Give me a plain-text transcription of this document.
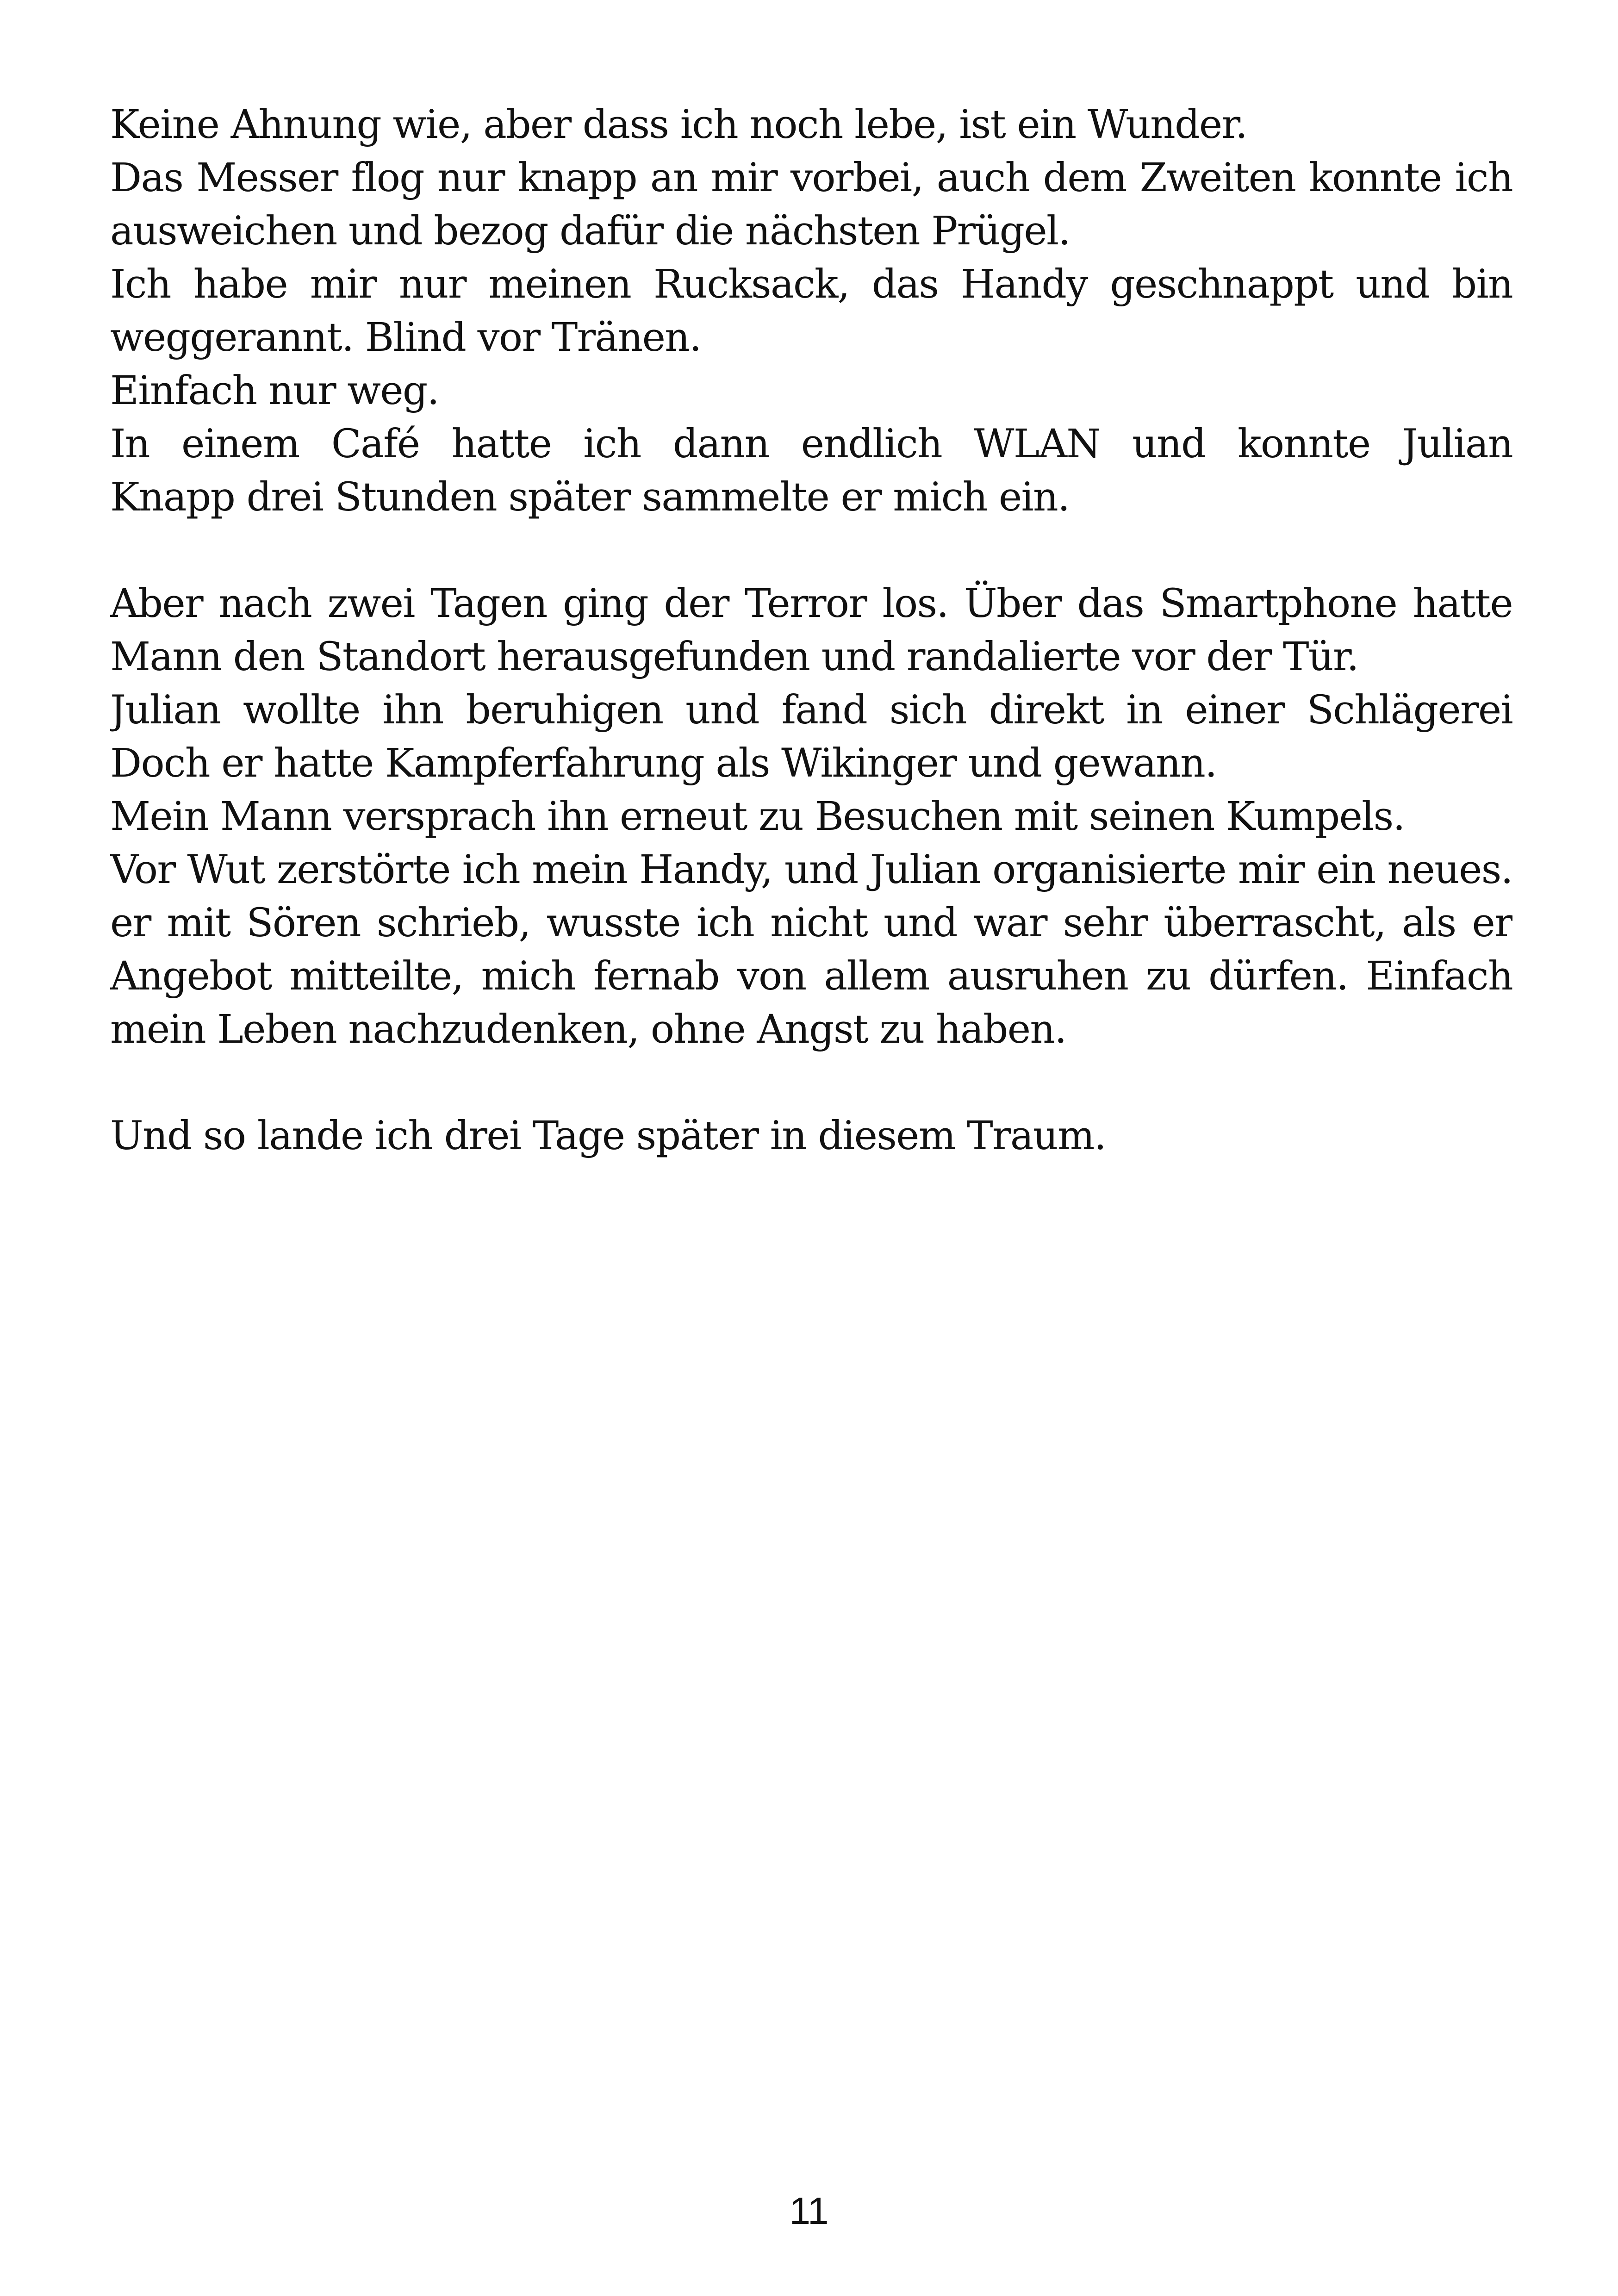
Keine Ahnung wie, aber dass ich noch lebe, ist ein Wunder.
Das Messer flog nur knapp an mir vorbei, auch dem Zweiten konnte ich
ausweichen und bezog dafür die nächsten Prügel.
Ich habe mir nur meinen Rucksack, das Handy geschnappt und bin
weggerannt. Blind vor Tränen.
Einfach nur weg.
In einem Café hatte ich dann endlich WLAN und konnte Julian
Knapp drei Stunden später sammelte er mich ein.
Aber nach zwei Tagen ging der Terror los. Über das Smartphone hatte
Mann den Standort herausgefunden und randalierte vor der Tür.
Julian wollte ihn beruhigen und fand sich direkt in einer Schlägerei
Doch er hatte Kampferfahrung als Wikinger und gewann.
Mein Mann versprach ihn erneut zu Besuchen mit seinen Kumpels.
Vor Wut zerstörte ich mein Handy, und Julian organisierte mir ein neues.
er mit Sören schrieb, wusste ich nicht und war sehr überrascht, als er
Angebot mitteilte, mich fernab von allem ausruhen zu dürfen. Einfach
mein Leben nachzudenken, ohne Angst zu haben.
Und so lande ich drei Tage später in diesem Traum.
11
